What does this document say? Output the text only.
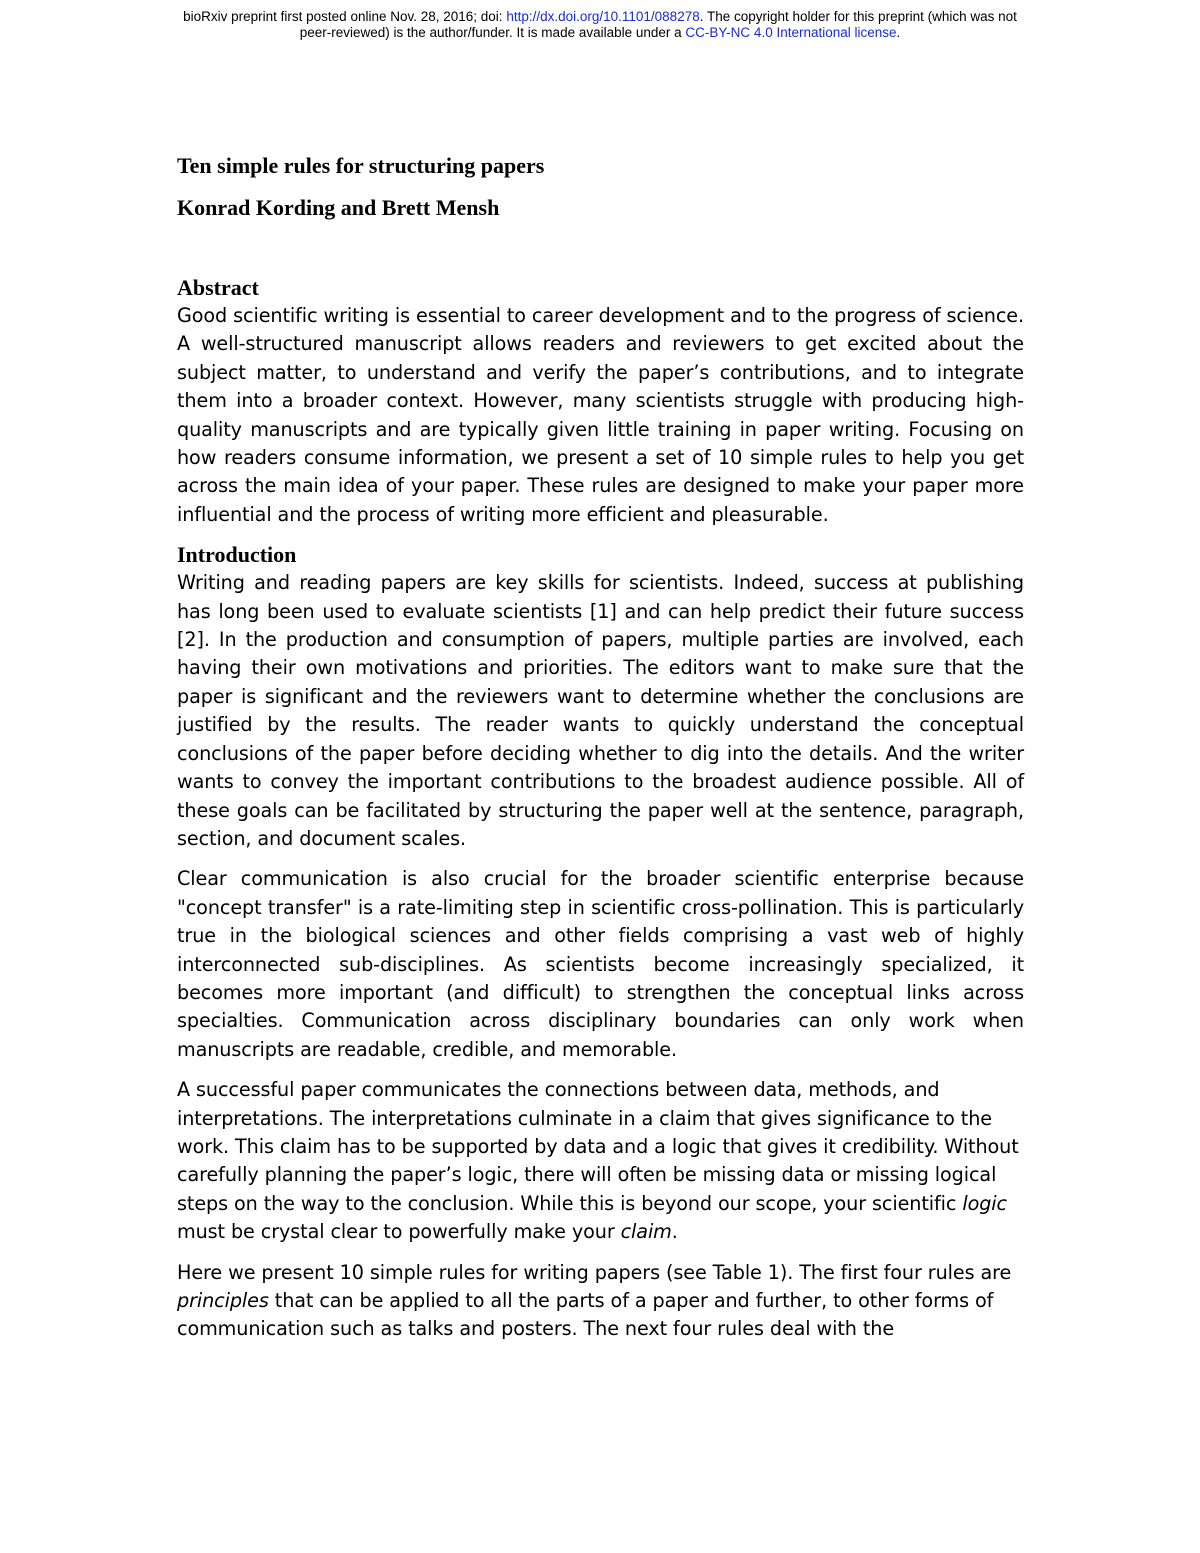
bioRxiv preprint first posted online Nov. 28, 2016; doi: http://dx.doi.org/10.1101/088278. The copyright holder for this preprint (which was not
peer-reviewed) is the author/funder. It is made available under a CC-BY-NC 4.0 International license.
Ten simple rules for structuring papers
Konrad Kording and Brett Mensh
Abstract

Good scientific writing is essential to career development and to the progress of science. A well-structured manuscript allows readers and reviewers to get excited about the subject matter, to understand and verify the paper’s contributions, and to integrate them into a broader context. However, many scientists struggle with producing high-quality manuscripts and are typically given little training in paper writing. Focusing on how readers consume information, we present a set of 10 simple rules to help you get across the main idea of your paper. These rules are designed to make your paper more influential and the process of writing more efficient and pleasurable.

Introduction

Writing and reading papers are key skills for scientists. Indeed, success at publishing has long been used to evaluate scientists [1] and can help predict their future success [2]. In the production and consumption of papers, multiple parties are involved, each having their own motivations and priorities. The editors want to make sure that the paper is significant and the reviewers want to determine whether the conclusions are justified by the results. The reader wants to quickly understand the conceptual conclusions of the paper before deciding whether to dig into the details. And the writer wants to convey the important contributions to the broadest audience possible. All of these goals can be facilitated by structuring the paper well at the sentence, paragraph, section, and document scales.

Clear communication is also crucial for the broader scientific enterprise because "concept transfer" is a rate-limiting step in scientific cross-pollination. This is particularly true in the biological sciences and other fields comprising a vast web of highly interconnected sub-disciplines. As scientists become increasingly specialized, it becomes more important (and difficult) to strengthen the conceptual links across specialties. Communication across disciplinary boundaries can only work when manuscripts are readable, credible, and memorable.

A successful paper communicates the connections between data, methods, and interpretations. The interpretations culminate in a claim that gives significance to the work. This claim has to be supported by data and a logic that gives it credibility. Without carefully planning the paper’s logic, there will often be missing data or missing logical steps on the way to the conclusion. While this is beyond our scope, your scientific logic must be crystal clear to powerfully make your claim.

Here we present 10 simple rules for writing papers (see Table 1). The first four rules are principles that can be applied to all the parts of a paper and further, to other forms of communication such as talks and posters. The next four rules deal with the
